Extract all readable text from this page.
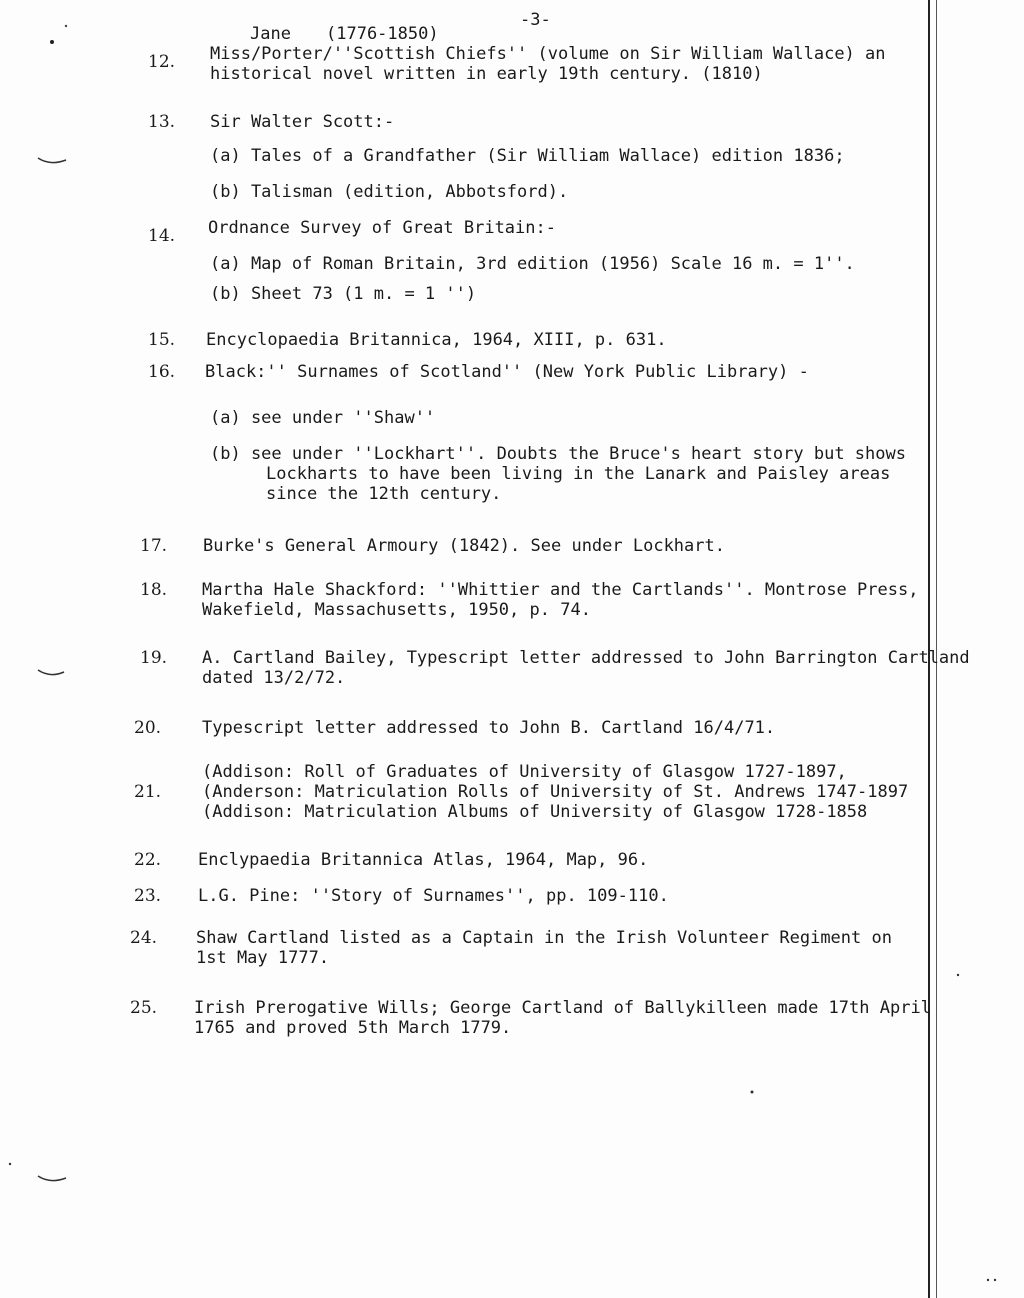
Jane (1776-1850)
-3-
12. Miss/Porter/''Scottish Chiefs'' (volume on Sir William Wallace) an
historical novel written in early 19th century. (1810)
13. Sir Walter Scott:-
(a) Tales of a Grandfather (Sir William Wallace) edition 1836;
(b) Talisman (edition, Abbotsford).
14. Ordnance Survey of Great Britain:-
(a) Map of Roman Britain, 3rd edition (1956) Scale 16 m. = 1''.
(b) Sheet 73 (1 m. = 1 '')
15. Encyclopaedia Britannica, 1964, XIII, p. 631.
16. Black:'' Surnames of Scotland'' (New York Public Library) -
(a) see under ''Shaw''
(b) see under ''Lockhart''. Doubts the Bruce's heart story but shows
Lockharts to have been living in the Lanark and Paisley areas
since the 12th century.
17. Burke's General Armoury (1842). See under Lockhart.
18. Martha Hale Shackford: ''Whittier and the Cartlands''. Montrose Press,
Wakefield, Massachusetts, 1950, p. 74.
19. A. Cartland Bailey, Typescript letter addressed to John Barrington Cartland
dated 13/2/72.
20. Typescript letter addressed to John B. Cartland 16/4/71.
21.
(Addison: Roll of Graduates of University of Glasgow 1727-1897,
(Anderson: Matriculation Rolls of University of St. Andrews 1747-1897
(Addison: Matriculation Albums of University of Glasgow 1728-1858
22. Enclypaedia Britannica Atlas, 1964, Map, 96.
23. L.G. Pine: ''Story of Surnames'', pp. 109-110.
24. Shaw Cartland listed as a Captain in the Irish Volunteer Regiment on
1st May 1777.
25. Irish Prerogative Wills; George Cartland of Ballykilleen made 17th April
1765 and proved 5th March 1779.
